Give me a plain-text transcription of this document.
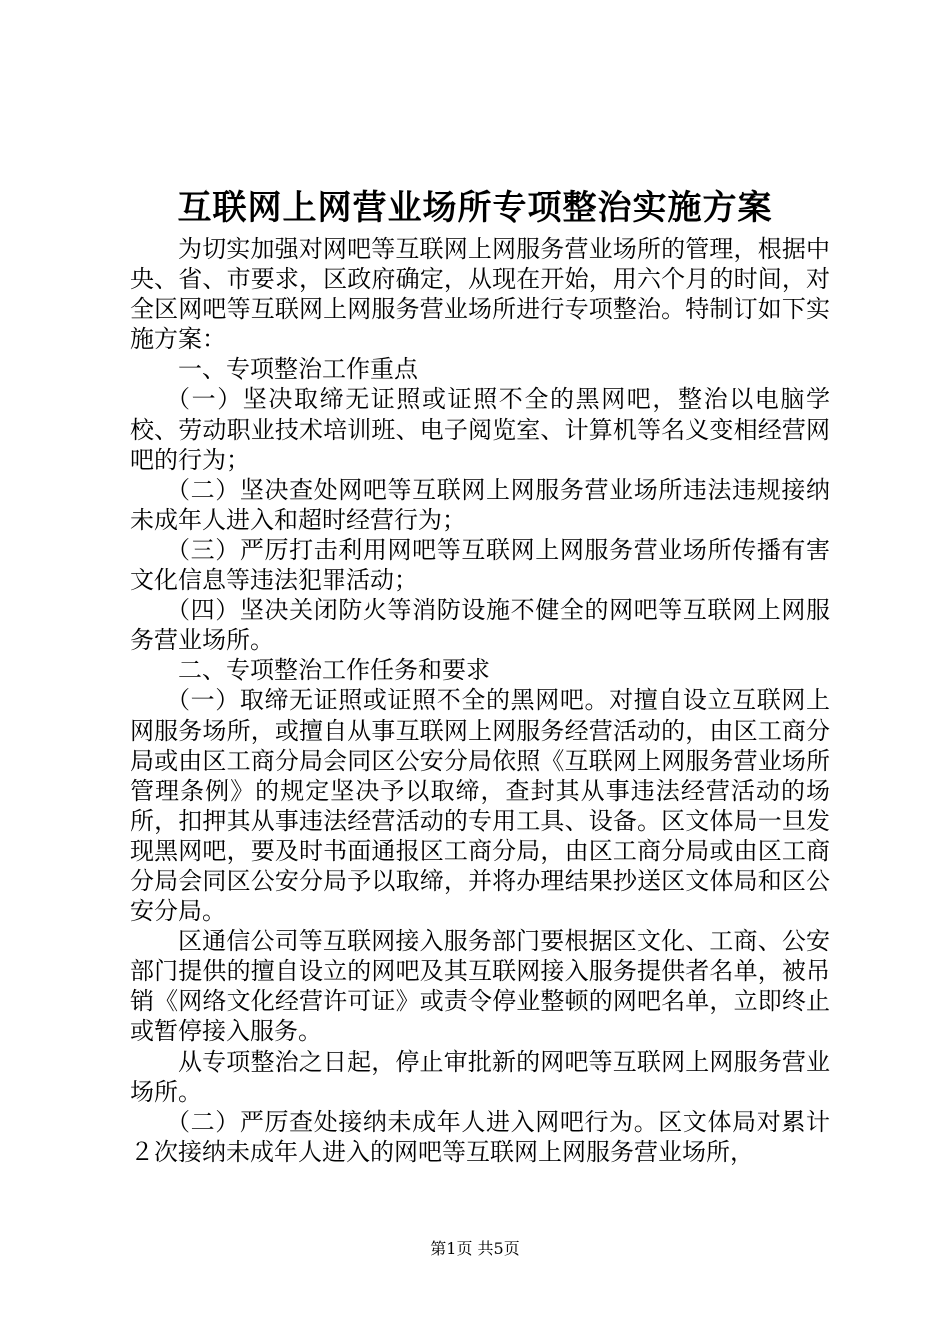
互联网上网营业场所专项整治实施方案

为切实加强对网吧等互联网上网服务营业场所的管理，根据中央、省、市要求，区政府确定，从现在开始，用六个月的时间，对全区网吧等互联网上网服务营业场所进行专项整治。特制订如下实施方案：

一、专项整治工作重点

（一）坚决取缔无证照或证照不全的黑网吧，整治以电脑学校、劳动职业技术培训班、电子阅览室、计算机等名义变相经营网吧的行为；

（二）坚决查处网吧等互联网上网服务营业场所违法违规接纳未成年人进入和超时经营行为；

（三）严厉打击利用网吧等互联网上网服务营业场所传播有害文化信息等违法犯罪活动；

（四）坚决关闭防火等消防设施不健全的网吧等互联网上网服务营业场所。

二、专项整治工作任务和要求

（一）取缔无证照或证照不全的黑网吧。对擅自设立互联网上网服务场所，或擅自从事互联网上网服务经营活动的，由区工商分局或由区工商分局会同区公安分局依照《互联网上网服务营业场所管理条例》的规定坚决予以取缔，查封其从事违法经营活动的场所，扣押其从事违法经营活动的专用工具、设备。区文体局一旦发现黑网吧，要及时书面通报区工商分局，由区工商分局或由区工商分局会同区公安分局予以取缔，并将办理结果抄送区文体局和区公安分局。

区通信公司等互联网接入服务部门要根据区文化、工商、公安部门提供的擅自设立的网吧及其互联网接入服务提供者名单，被吊销《网络文化经营许可证》或责令停业整顿的网吧名单，立即终止或暂停接入服务。

从专项整治之日起，停止审批新的网吧等互联网上网服务营业场所。

（二）严厉查处接纳未成年人进入网吧行为。区文体局对累计２次接纳未成年人进入的网吧等互联网上网服务营业场所，

第1页 共5页
